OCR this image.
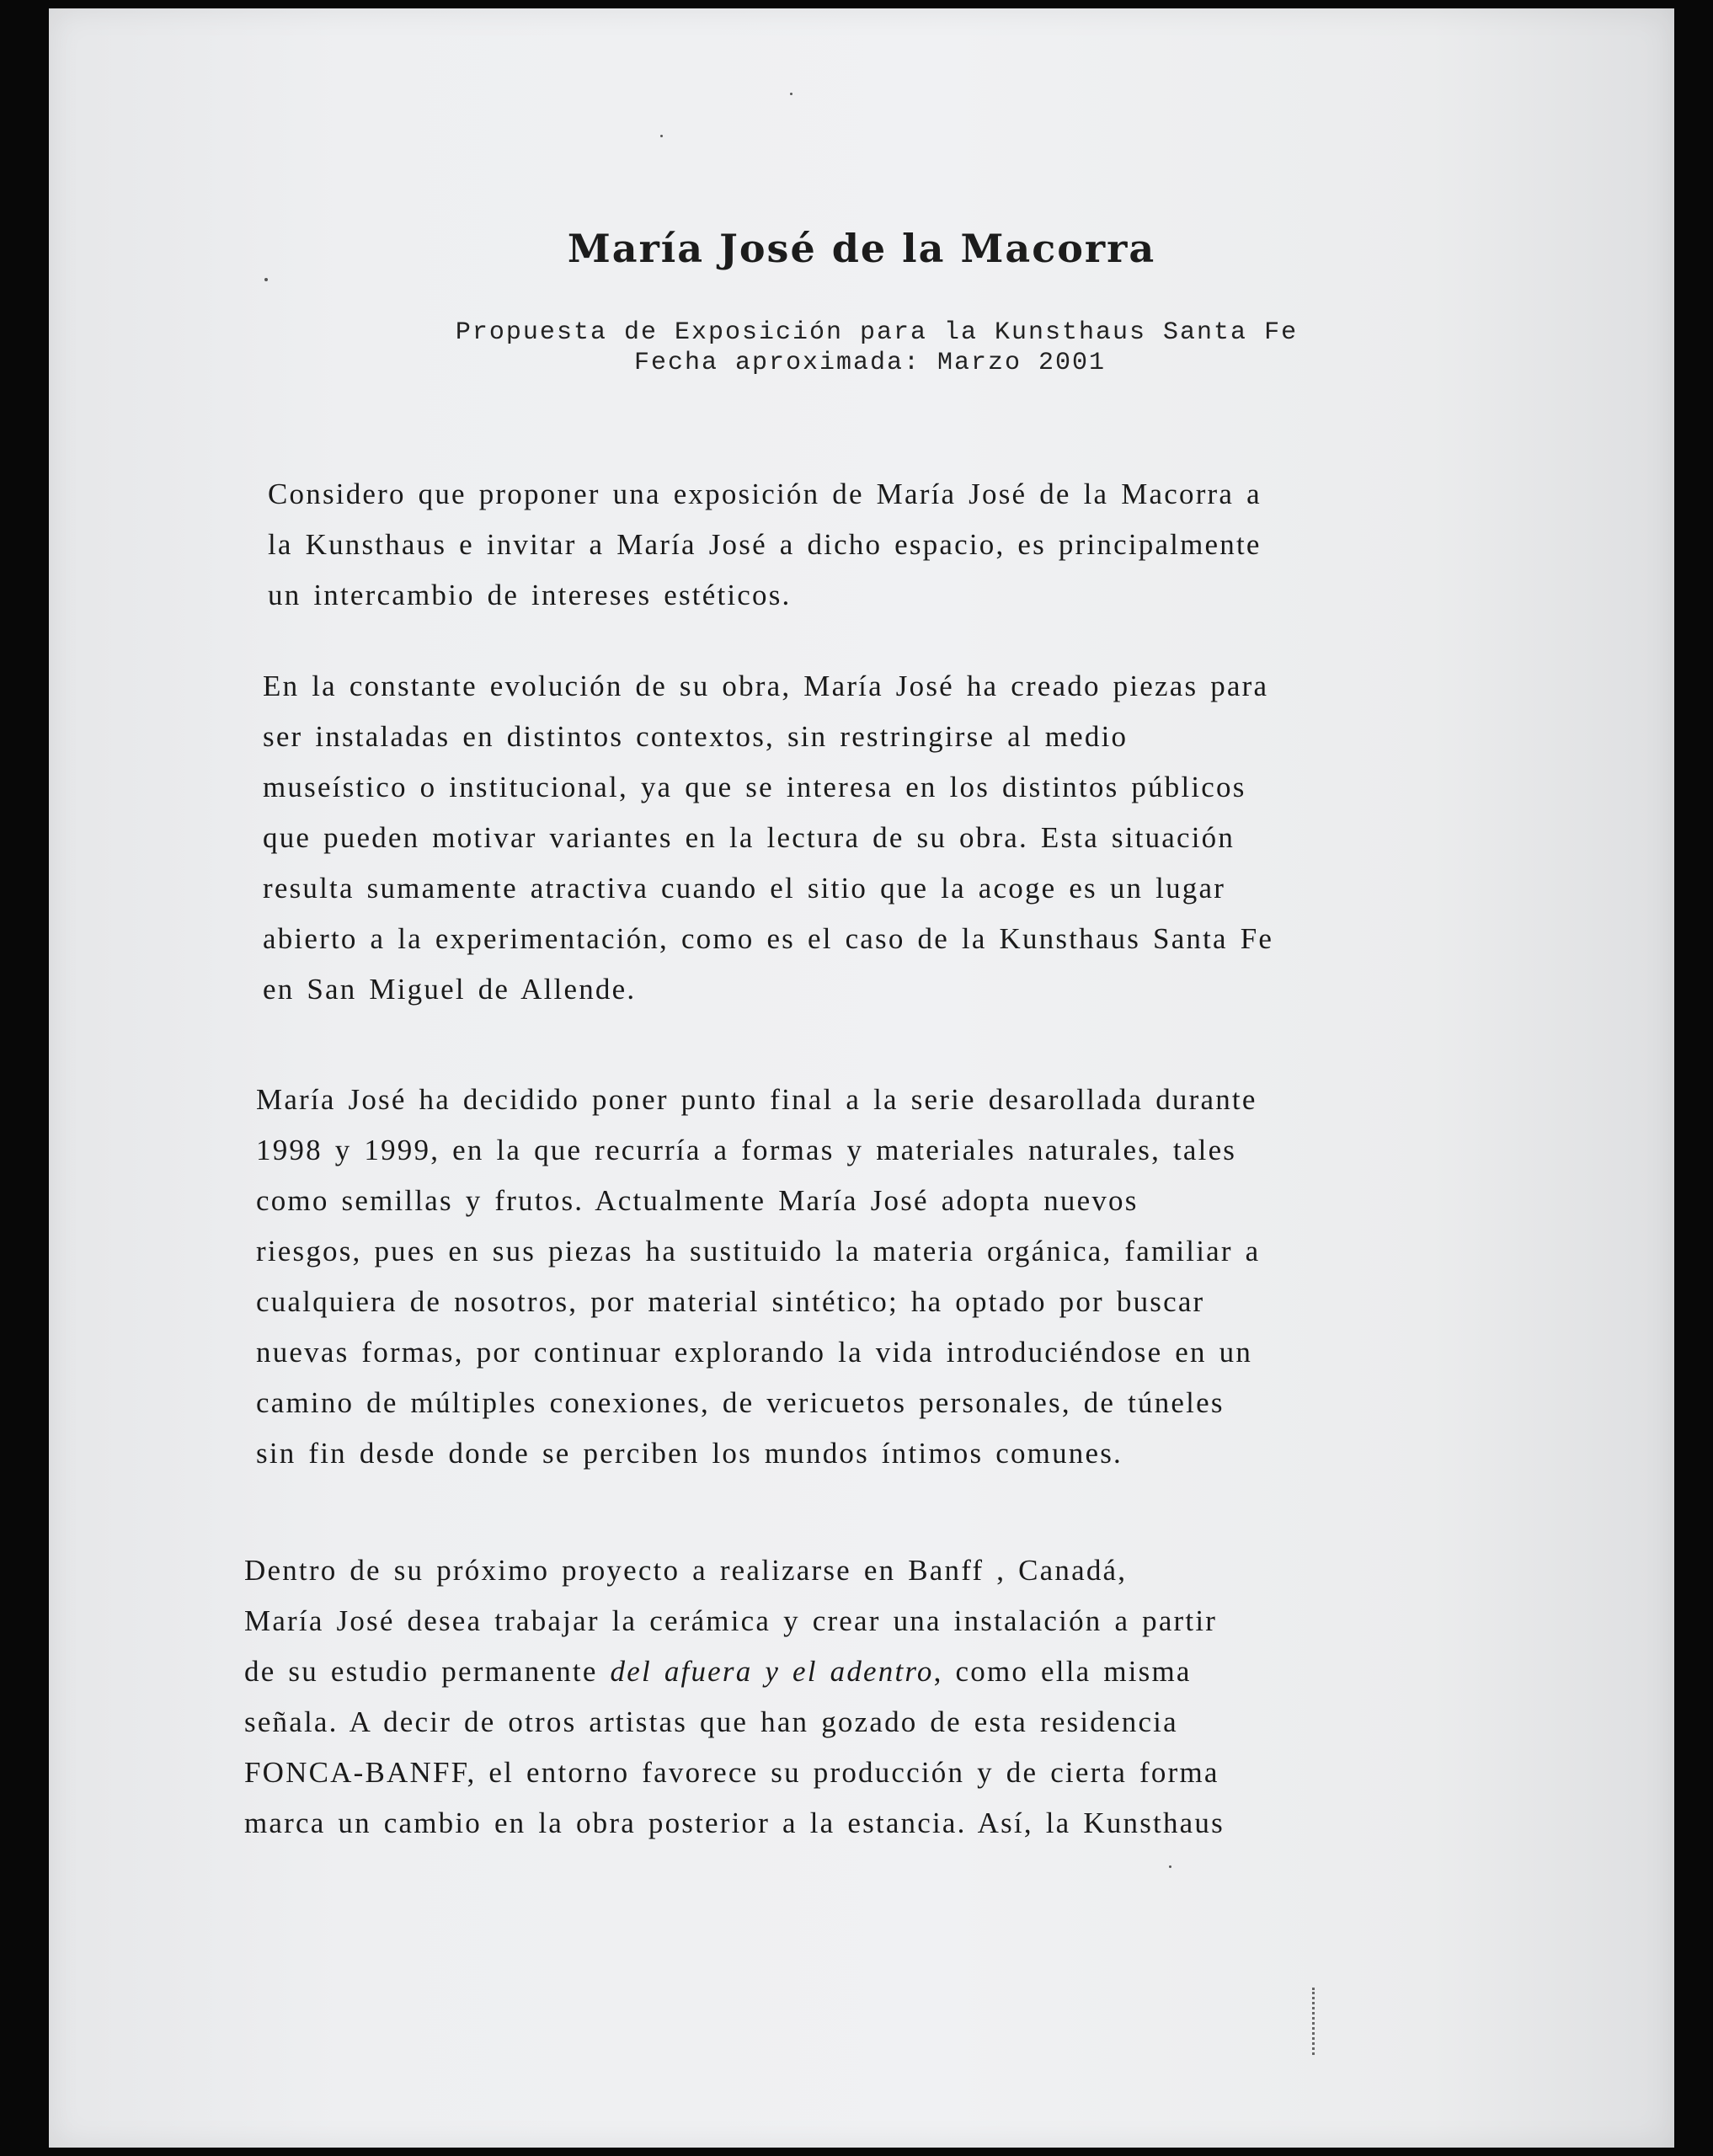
María José de la Macorra

Propuesta de Exposición para la Kunsthaus Santa Fe

Fecha aproximada: Marzo 2001

Considero que proponer una exposición de María José de la Macorra a
la Kunsthaus e invitar a María José a dicho espacio, es principalmente
un intercambio de intereses estéticos.
En la constante evolución de su obra, María José ha creado piezas para
ser instaladas en distintos contextos, sin restringirse al medio
museístico o institucional, ya que se interesa en los distintos públicos
que pueden motivar variantes en la lectura de su obra. Esta situación
resulta sumamente atractiva cuando el sitio que la acoge es un lugar
abierto a la experimentación, como es el caso de la Kunsthaus Santa Fe
en San Miguel de Allende.
María José ha decidido poner punto final a la serie desarollada durante
1998 y 1999, en la que recurría a formas y materiales naturales, tales
como semillas y frutos. Actualmente María José adopta nuevos
riesgos, pues en sus piezas ha sustituido la materia orgánica, familiar a
cualquiera de nosotros, por material sintético; ha optado por buscar
nuevas formas, por continuar explorando la vida introduciéndose en un
camino de múltiples conexiones, de vericuetos personales, de túneles
sin fin desde donde se perciben los mundos íntimos comunes.
Dentro de su próximo proyecto a realizarse en Banff , Canadá,
María José desea trabajar la cerámica y crear una instalación a partir
de su estudio permanente del afuera y el adentro, como ella misma
señala. A decir de otros artistas que han gozado de esta residencia
FONCA-BANFF, el entorno favorece su producción y de cierta forma
marca un cambio en la obra posterior a la estancia. Así, la Kunsthaus
